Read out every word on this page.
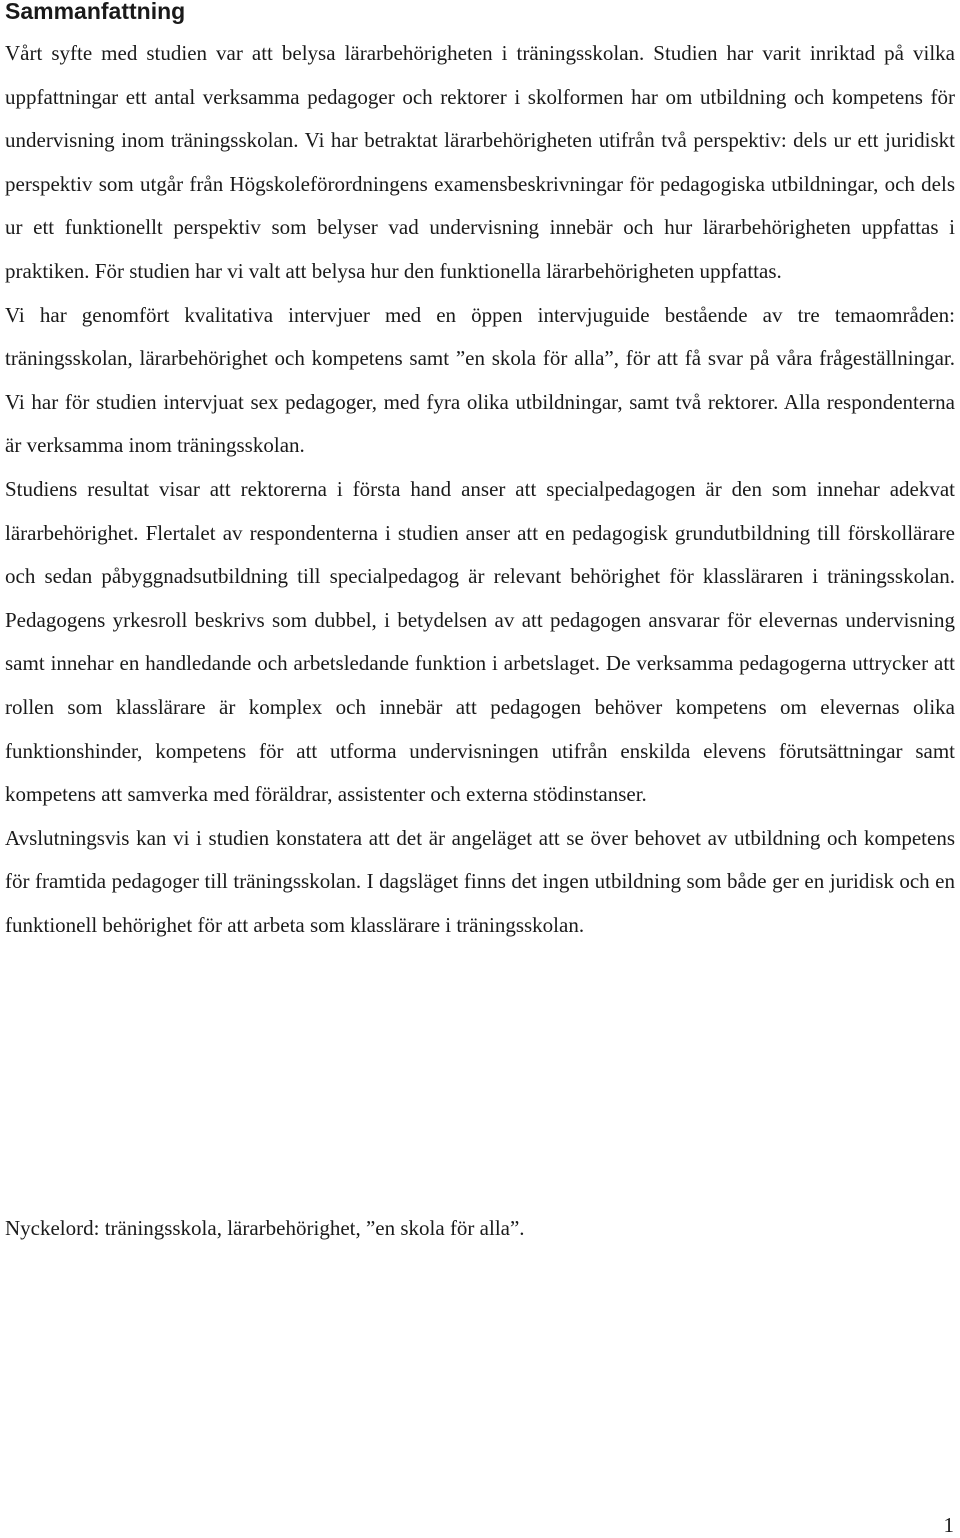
Sammanfattning

Vårt syfte med studien var att belysa lärarbehörigheten i träningsskolan. Studien har varit inriktad på vilka uppfattningar ett antal verksamma pedagoger och rektorer i skolformen har om utbildning och kompetens för undervisning inom träningsskolan. Vi har betraktat lärarbehörigheten utifrån två perspektiv: dels ur ett juridiskt perspektiv som utgår från Högskoleförordningens examensbeskrivningar för pedagogiska utbildningar, och dels ur ett funktionellt perspektiv som belyser vad undervisning innebär och hur lärarbehörigheten uppfattas i praktiken. För studien har vi valt att belysa hur den funktionella lärarbehörigheten uppfattas.

Vi har genomfört kvalitativa intervjuer med en öppen intervjuguide bestående av tre temaområden: träningsskolan, lärarbehörighet och kompetens samt ”en skola för alla”, för att få svar på våra frågeställningar. Vi har för studien intervjuat sex pedagoger, med fyra olika utbildningar, samt två rektorer. Alla respondenterna är verksamma inom träningsskolan.

Studiens resultat visar att rektorerna i första hand anser att specialpedagogen är den som innehar adekvat lärarbehörighet. Flertalet av respondenterna i studien anser att en pedagogisk grundutbildning till förskollärare och sedan påbyggnadsutbildning till specialpedagog är relevant behörighet för klassläraren i träningsskolan. Pedagogens yrkesroll beskrivs som dubbel, i betydelsen av att pedagogen ansvarar för elevernas undervisning samt innehar en handledande och arbetsledande funktion i arbetslaget. De verksamma pedagogerna uttrycker att rollen som klasslärare är komplex och innebär att pedagogen behöver kompetens om elevernas olika funktionshinder, kompetens för att utforma undervisningen utifrån enskilda elevens förutsättningar samt kompetens att samverka med föräldrar, assistenter och externa stödinstanser.

Avslutningsvis kan vi i studien konstatera att det är angeläget att se över behovet av utbildning och kompetens för framtida pedagoger till träningsskolan. I dagsläget finns det ingen utbildning som både ger en juridisk och en funktionell behörighet för att arbeta som klasslärare i träningsskolan.

Nyckelord: träningsskola, lärarbehörighet, ”en skola för alla”.

1
